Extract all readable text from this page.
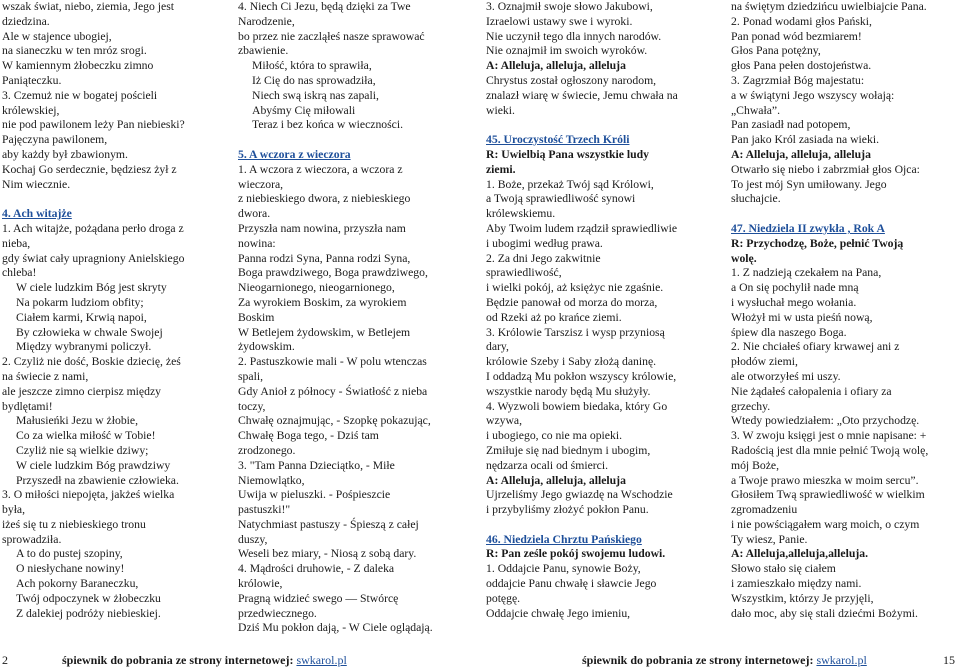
wszak świat, niebo, ziemia, Jego jest
dziedzina.
Ale w stajence ubogiej,
na sianeczku w ten mróz srogi.
W kamiennym żłobeczku zimno
Paniąteczku.
3. Czemuż nie w bogatej pościeli
królewskiej,
nie pod pawilonem leży Pan niebieski?
Pajęczyna pawilonem,
aby każdy był zbawionym.
Kochaj Go serdecznie, będziesz żył z
Nim wiecznie.
4. Ach witajże
1. Ach witajże, pożądana perło droga z
nieba,
gdy świat cały upragniony Anielskiego
chleba!
W ciele ludzkim Bóg jest skryty
Na pokarm ludziom obfity;
Ciałem karmi, Krwią napoi,
By człowieka w chwale Swojej
Między wybranymi policzył.
2. Czyliż nie dość, Boskie dziecię, żeś
na świecie z nami,
ale jeszcze zimno cierpisz między
bydlętami!
Małusieńki Jezu w żłobie,
Co za wielka miłość w Tobie!
Czyliż nie są wielkie dziwy;
W ciele ludzkim Bóg prawdziwy
Przyszedł na zbawienie człowieka.
3. O miłości niepojęta, jakżeś wielka
była,
iżeś się tu z niebieskiego tronu
sprowadziła.
A to do pustej szopiny,
O niesłychane nowiny!
Ach pokorny Baraneczku,
Twój odpoczynek w żłobeczku
Z dalekiej podróży niebieskiej.
4. Niech Ci Jezu, będą dzięki za Twe
Narodzenie,
bo przez nie zaczląłeś nasze sprawować
zbawienie.
Miłość, która to sprawiła,
Iż Cię do nas sprowadziła,
Niech swą iskrą nas zapali,
Abyśmy Cię miłowali
Teraz i bez końca w wieczności.
5. A wczora z wieczora
1. A wczora z wieczora, a wczora z
wieczora,
z niebieskiego dwora, z niebieskiego
dwora.
Przyszła nam nowina, przyszła nam
nowina:
Panna rodzi Syna, Panna rodzi Syna,
Boga prawdziwego, Boga prawdziwego,
Nieogarnionego, nieogarnionego,
Za wyrokiem Boskim, za wyrokiem
Boskim
W Betlejem żydowskim, w Betlejem
żydowskim.
2. Pastuszkowie mali - W polu wtenczas
spali,
Gdy Anioł z północy - Światłość z nieba
toczy,
Chwałę oznajmując, - Szopkę pokazując,
Chwałę Boga tego, - Dziś tam
zrodzonego.
3. "Tam Panna Dzieciątko, - Miłe
Niemowlątko,
Uwija w pieluszki. - Pośpieszcie
pastuszki!"
Natychmiast pastuszy - Śpieszą z całej
duszy,
Weseli bez miary, - Niosą z sobą dary.
4. Mądrości druhowie, - Z daleka
królowie,
Pragną widzieć swego — Stwórcę
przedwiecznego.
Dziś Mu pokłon dają, - W Ciele oglądają.
3. Oznajmił swoje słowo Jakubowi,
Izraelowi ustawy swe i wyroki.
Nie uczynił tego dla innych narodów.
Nie oznajmił im swoich wyroków.
A: Alleluja, alleluja, alleluja
Chrystus został ogłoszony narodom,
znalazł wiarę w świecie, Jemu chwała na
wieki.
45. Uroczystość Trzech Króli
R: Uwielbią Pana wszystkie ludy
ziemi.
1. Boże, przekaż Twój sąd Królowi,
a Twoją sprawiedliwość synowi
królewskiemu.
Aby Twoim ludem rządził sprawiedliwie
i ubogimi według prawa.
2. Za dni Jego zakwitnie
sprawiedliwość,
i wielki pokój, aż księżyc nie zgaśnie.
Będzie panował od morza do morza,
od Rzeki aż po krańce ziemi.
3. Królowie Tarszisz i wysp przyniosą
dary,
królowie Szeby i Saby złożą daninę.
I oddadzą Mu pokłon wszyscy królowie,
wszystkie narody będą Mu służyły.
4. Wyzwoli bowiem biedaka, który Go
wzywa,
i ubogiego, co nie ma opieki.
Zmiłuje się nad biednym i ubogim,
nędzarza ocali od śmierci.
A: Alleluja, alleluja, alleluja
Ujrzeliśmy Jego gwiazdę na Wschodzie
i przybyliśmy złożyć pokłon Panu.
46. Niedziela Chrztu Pańskiego
R: Pan ześle pokój swojemu ludowi.
1. Oddajcie Panu, synowie Boży,
oddajcie Panu chwałę i sławcie Jego
potęgę.
Oddajcie chwałę Jego imieniu,
na świętym dziedzińcu uwielbiajcie Pana.
2. Ponad wodami głos Pański,
Pan ponad wód bezmiarem!
Głos Pana potężny,
głos Pana pełen dostojeństwa.
3. Zagrzmiał Bóg majestatu:
a w świątyni Jego wszyscy wołają:
„Chwała”.
Pan zasiadł nad potopem,
Pan jako Król zasiada na wieki.
A: Alleluja, alleluja, alleluja
Otwarło się niebo i zabrzmiał głos Ojca:
To jest mój Syn umiłowany. Jego
słuchajcie.
47. Niedziela II zwykła , Rok A
R: Przychodzę, Boże, pełnić Twoją
wolę.
1. Z nadzieją czekałem na Pana,
a On się pochylił nade mną
i wysłuchał mego wołania.
Włożył mi w usta pieśń nową,
śpiew dla naszego Boga.
2. Nie chciałeś ofiary krwawej ani z
płodów ziemi,
ale otworzyłeś mi uszy.
Nie żądałeś całopalenia i ofiary za
grzechy.
Wtedy powiedziałem: „Oto przychodzę.
3. W zwoju księgi jest o mnie napisane: +
Radością jest dla mnie pełnić Twoją wolę,
mój Boże,
a Twoje prawo mieszka w moim sercu”.
Głosiłem Twą sprawiedliwość w wielkim
zgromadzeniu
i nie powściągałem warg moich, o czym
Ty wiesz, Panie.
A: Alleluja,alleluja,alleluja.
Słowo stało się ciałem
i zamieszkało między nami.
Wszystkim, którzy Je przyjęli,
dało moc, aby się stali dziećmi Bożymi.
2	śpiewnik do pobrania ze strony internetowej: swkarol.pl	śpiewnik do pobrania ze strony internetowej: swkarol.pl	15
